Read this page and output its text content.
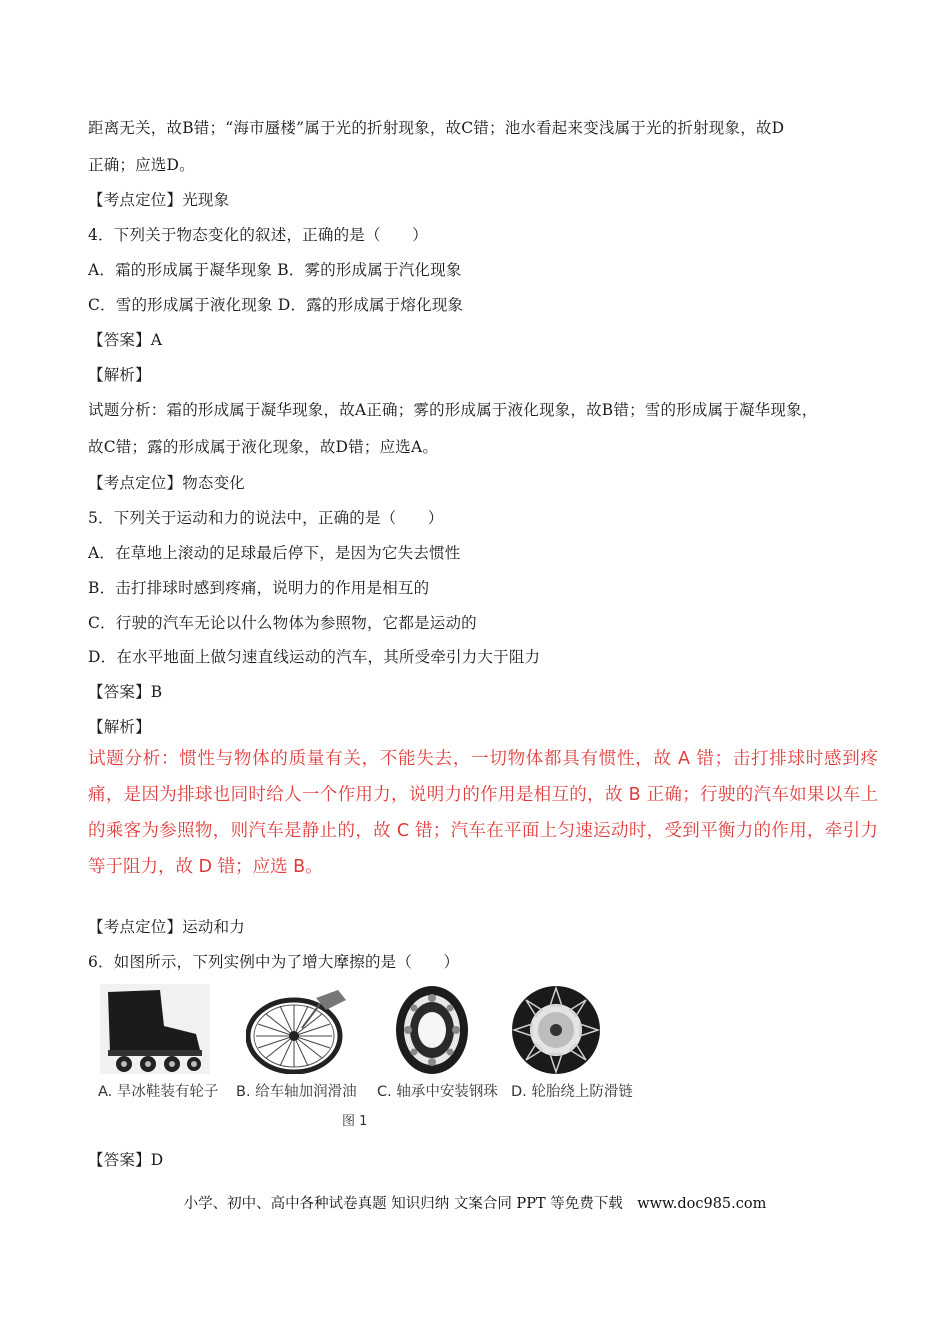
距离无关，故B错；“海市蜃楼”属于光的折射现象，故C错；池水看起来变浅属于光的折射现象，故D
正确；应选D。
【考点定位】光现象
4．下列关于物态变化的叙述，正确的是（　　）
A．霜的形成属于凝华现象 B．雾的形成属于汽化现象
C．雪的形成属于液化现象 D．露的形成属于熔化现象
【答案】A
【解析】
试题分析：霜的形成属于凝华现象，故A正确；雾的形成属于液化现象，故B错；雪的形成属于凝华现象，
故C错；露的形成属于液化现象，故D错；应选A。
【考点定位】物态变化
5．下列关于运动和力的说法中，正确的是（　　）
A．在草地上滚动的足球最后停下，是因为它失去惯性
B．击打排球时感到疼痛，说明力的作用是相互的
C．行驶的汽车无论以什么物体为参照物，它都是运动的
D．在水平地面上做匀速直线运动的汽车，其所受牵引力大于阻力
【答案】B
【解析】
试题分析：惯性与物体的质量有关，不能失去，一切物体都具有惯性，故 A 错；击打排球时感到疼痛，是因为排球也同时给人一个作用力，说明力的作用是相互的，故 B 正确；行驶的汽车如果以车上的乘客为参照物，则汽车是静止的，故 C 错；汽车在平面上匀速运动时，受到平衡力的作用，牵引力等于阻力，故 D 错；应选 B。
【考点定位】运动和力
6．如图所示，下列实例中为了增大摩擦的是（　　）
A. 旱冰鞋装有轮子 B. 给车轴加润滑油 C. 轴承中安装钢珠 D. 轮胎绕上防滑链
图 1
【答案】D
小学、初中、高中各种试卷真题 知识归纳 文案合同 PPT 等免费下载　www.doc985.com
